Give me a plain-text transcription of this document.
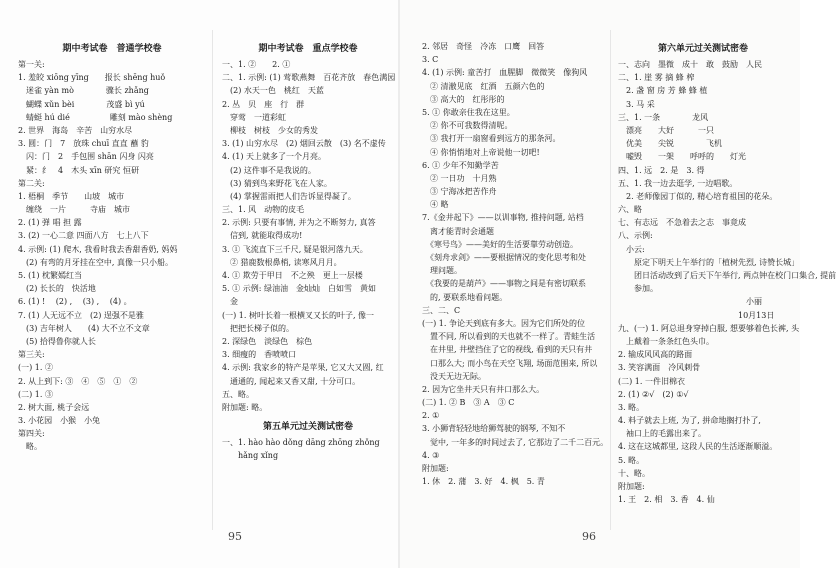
期中考试卷　普通学校卷
第一关:
1. 羞皎 xiōng yīng　　报长 shēng huǒ
　迷雀 yàn mò　　　　骤长 zhǎng
　蝴蝶 xǔn bèi　　　　茂盛 bì yú
　蜻蜓 hú dié　　　　　雕刻 mào shèng
2. 世界　海岛　辛苦　山穷水尽
3. 圆：门　7　放珠 chuī 直直 蘸 豹
　闪：门　2　手包围 shān 闪身 闪亮
　紧：纟　4　木头 xīn 研究 恒研
第二关:
1. 梧桐　季节　　山坡　城市
　缠绕　一片　　　寺庙　城市
2. (1) 弹 唱 担 露
3. (2) 一心二意 四面八方　七上八下
4. 示例: (1) 爬木, 我看时我去香甜香奶, 妈妈
　(2) 有弯的月牙挂在空中, 真像一只小船。
5. (1) 枕繁嫣红当
　(2) 长长的　快活地
6. (1) ! 　(2) , 　(3) , 　(4) 。
7. (1) 人无远不立　(2) 逞强不是雅
　(3) 吉年树人　　(4) 大不立不文章
　(5) 拾得鲁你就人长
第三关:
(一) 1. ②
2. 从上到下: ③　④　⑤　①　②
(二) 1. ③
2. 树大面, 桃子会远
3. 小花园　小猴　小兔
第四关:
　略。
期中考试卷　重点学校卷
一、1. ②　　2. ①
二、1. 示例: (1) 莺歌燕舞　百花齐放　春色满园
　(2) 水天一色　桃红　天蓝
2. 丛　贝　座　行　群
　穿莺　一道彩虹
　柳枝　树枝　少女的秀发
3. (1) 山穷水尽　(2) 烟回云散　(3) 名不虚传
4. (1) 天上就多了一个月亮。
　(2) 这件事不是我说的。
　(3) 猜到鸟来野花飞在人家。
　(4) 掌握雷雨把人们告诉显得凝了。
三、1. 风　动物的皮毛
2. 示例: 只要有事情, 并为之不断努力, 真答
　信到, 就能取得成功!
3. ① 飞流直下三千尺, 疑是银河落九天。
　② 猎鹿数根鼻梢, 读寒风月月。
4. ① 欺劳于甲日　不之殃　更上一层楼
5. ① 示例: 绿油油　金灿灿　白如雪　黄如
　金
(一) 1. 树叶长着一根横叉又长的叶子, 像一
　把把长梯子似的。
2. 深绿色　淡绿色　棕色
3. 细瘦的　香喷喷口
4. 示例: 我家乡的特产是苹果, 它又大又圆, 红
　通通的, 闻起来又香又甜, 十分可口。
五、略。
附加题: 略。
第五单元过关测试密卷
一、1. hào hào dǒng dāng zhōng zhǒng
　　hǎng xǐng
95
2. 邻居　奇怪　冷冻　口鹰　回答
3. C
4. (1) 示例: 童苦打　血腥脚　微微笑　像狗风
　② 清澈见底　红酒　五颜六色的
　③ 高大的　红彤彤的
5. ① 你敢亲住我在这里。
　② 你不可我数得清呢。
　③ 我打开一扇窗看到远方的那条河。
　④ 你悄悄地对上帝说他一切吧!
6. ① 少年不知勤学苦
　② 一日功　十月熟
　③ 宁海冰把苦作舟
　④ 略
7.《金井起下》——以训事物, 推持问题, 站档
　离才能青时会通题
　《寒号鸟》——美好的生活要靠劳动创造。
　《刻舟求剑》——要根据情况的变化思考和处
　理问题。
　《我要的是葫芦》——事物之间是有密切联系
　的, 要联系地看问题。
三、二、C
(一) 1. 争论天到底有多大。因为它们所处的位
　置不同, 所以看到的天也就不一样了。青蛙生活
　在井里, 井壁挡住了它的视线, 看到的天只有井
　口那么大; 而小鸟在天空飞翔, 场面范围来, 所以
　没天无边无际。
2. 因为它坐井天只有井口那么大。
(二) 1. ② B　③ A　③ C
2. ①
3. 小狮背轻轻地给狮驾驶的钢琴, 不知不
　觉中, 一年多的时间过去了, 它那边了二千二百元。
4. ③
附加题:
1. 休　2. 蒲　3. 好　4. 枫　5. 青
第六单元过关测试密卷
一、志向　墨微　成十　敢　鼓励　人民
二、1. 崖 雾 摘 蜂 榨
　2. 盏 窗 房 芳 蜂 蜂 植
　3. 马 采
三、1. 一条　　　　龙风
　漂亮　　大好　　　一只
　优美　　尖锐　　　　飞机
　嘘毁　　一架　　呼呼的　　灯光
四、1. 远　2. 是　3. 得
五、1. 我一边去逛学, 一边唱歌。
　2. 老师像园丁似的, 精心培育祖国的花朵。
六、略
七、有志远　不急着去之志　事竟成
八、示例:
　小云:
　　原定下明天上午举行的「植树先烈, 诗赞长城」
　　团日活动改到了后天下午举行, 两点钟在校门口集合, 提前
　　参加。
　　　　　　　　　　　　　　　　小丽
　　　　　　　　　　　　　　　10月13日
九、(一) 1. 阿总退身穿掉白服, 想要够着色长裤, 头
　上戴着一条条红色头巾。
2. 输成风风高的路面
3. 笑容满面　冷风刺骨
(二) 1. 一件旧棉衣
2. (1) ②√　(2) ①√
3. 略。
4. 料子就去上班, 为了, 拼命地搁打扑了,
　袖口上的毛露出来了。
4. 这在这城都里, 这段人民的生活逐渐顺溢。
5. 略。
十、略。
附加题:
1. 王　2. 相　3. 香　4. 仙
96
